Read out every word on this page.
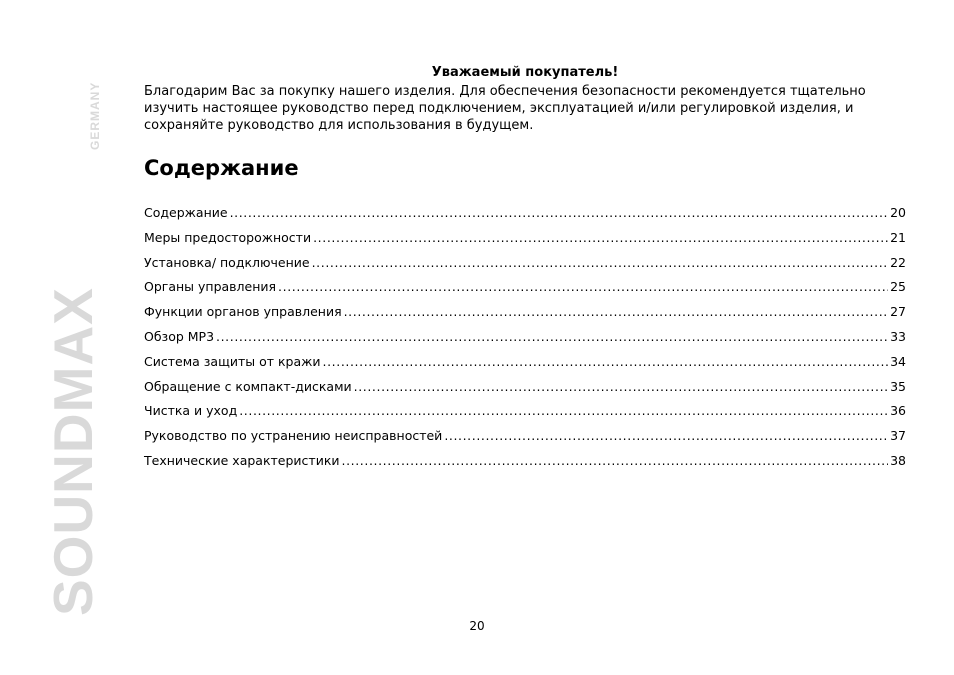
SOUNDMAX
GERMANY
Уважаемый покупатель!

Благодарим Вас за покупку нашего изделия. Для обеспечения безопасности рекомендуется тщательно изучить настоящее руководство перед подключением, эксплуатацией и/или регулировкой изделия, и сохраняйте руководство для использования в будущем.

Содержание
Содержание .....	20
Меры предосторожности .....	21
Установка/ подключение .....	22
Органы управления .....	25
Функции органов управления .....	27
Обзор MP3 .....	33
Система защиты от кражи .....	34
Обращение с компакт-дисками .....	35
Чистка и уход .....	36
Руководство по устранению неисправностей .....	37
Технические характеристики .....	38
20
